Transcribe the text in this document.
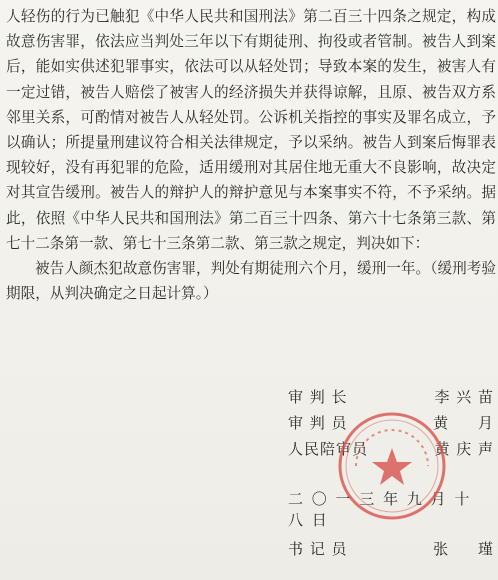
人轻伤的行为已触犯《中华人民共和国刑法》第二百三十四条之规定，构成故意伤害罪，依法应当判处三年以下有期徒刑、拘役或者管制。被告人到案后，能如实供述犯罪事实，依法可以从轻处罚；导致本案的发生，被害人有一定过错，被告人赔偿了被害人的经济损失并获得谅解，且原、被告双方系邻里关系，可酌情对被告人从轻处罚。公诉机关指控的事实及罪名成立，予以确认；所提量刑建议符合相关法律规定，予以采纳。被告人到案后悔罪表现较好，没有再犯罪的危险，适用缓刑对其居住地无重大不良影响，故决定对其宣告缓刑。被告人的辩护人的辩护意见与本案事实不符，不予采纳。据此，依照《中华人民共和国刑法》第二百三十四条、第六十七条第三款、第七十二条第一款、第七十三条第二款、第三款之规定，判决如下：

被告人颜杰犯故意伤害罪，判处有期徒刑六个月，缓刑一年。（缓刑考验期限，从判决确定之日起计算。）

审 判 长	李 兴 苗
审 判 员	黄     月
人民陪审员	黄 庆 声
二 〇 一 三 年 九 月 十 八 日
书 记 员	张     瑾
